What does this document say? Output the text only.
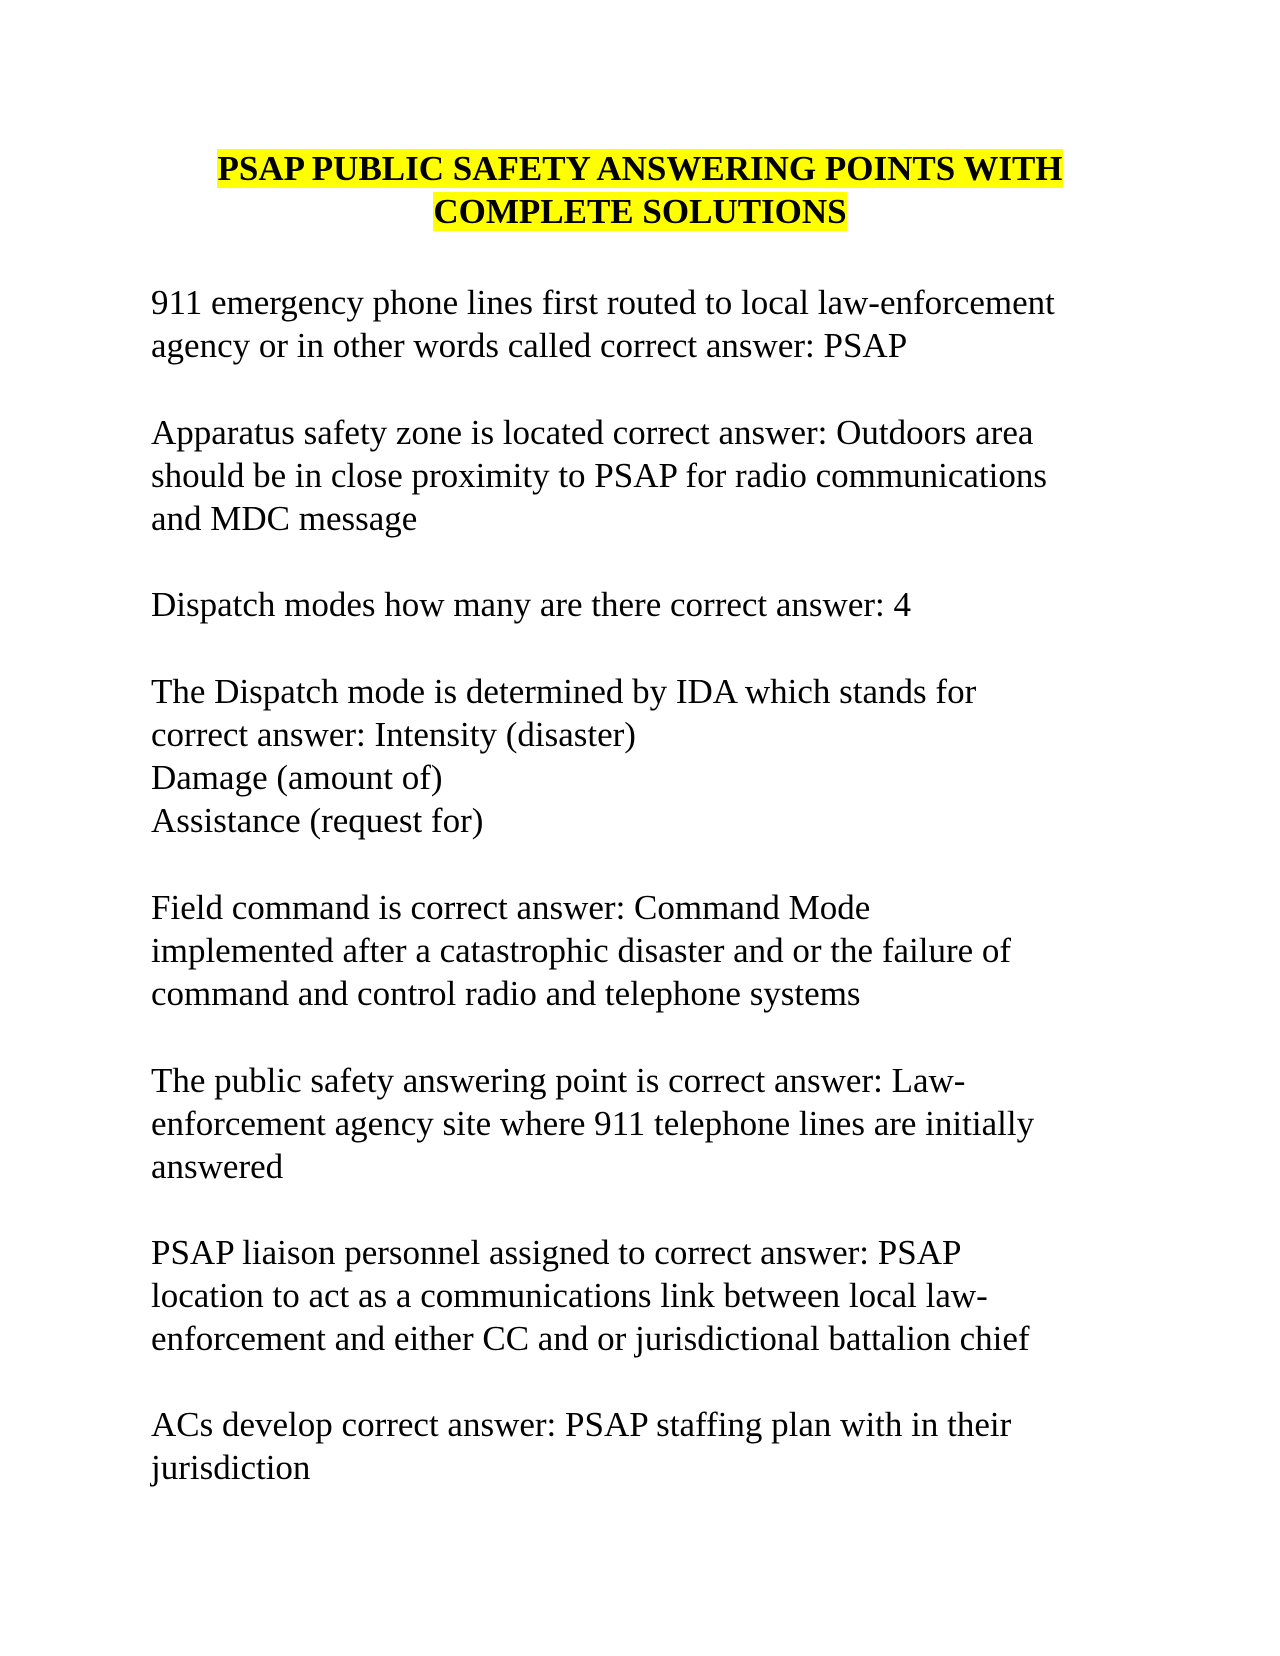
PSAP PUBLIC SAFETY ANSWERING POINTS WITH
COMPLETE SOLUTIONS
911 emergency phone lines first routed to local law-enforcement
agency or in other words called correct answer: PSAP
Apparatus safety zone is located correct answer: Outdoors area
should be in close proximity to PSAP for radio communications
and MDC message
Dispatch modes how many are there correct answer: 4
The Dispatch mode is determined by IDA which stands for
correct answer: Intensity (disaster)
Damage (amount of)
Assistance (request for)
Field command is correct answer: Command Mode
implemented after a catastrophic disaster and or the failure of
command and control radio and telephone systems
The public safety answering point is correct answer: Law-
enforcement agency site where 911 telephone lines are initially
answered
PSAP liaison personnel assigned to correct answer: PSAP
location to act as a communications link between local law-
enforcement and either CC and or jurisdictional battalion chief
ACs develop correct answer: PSAP staffing plan with in their
jurisdiction
